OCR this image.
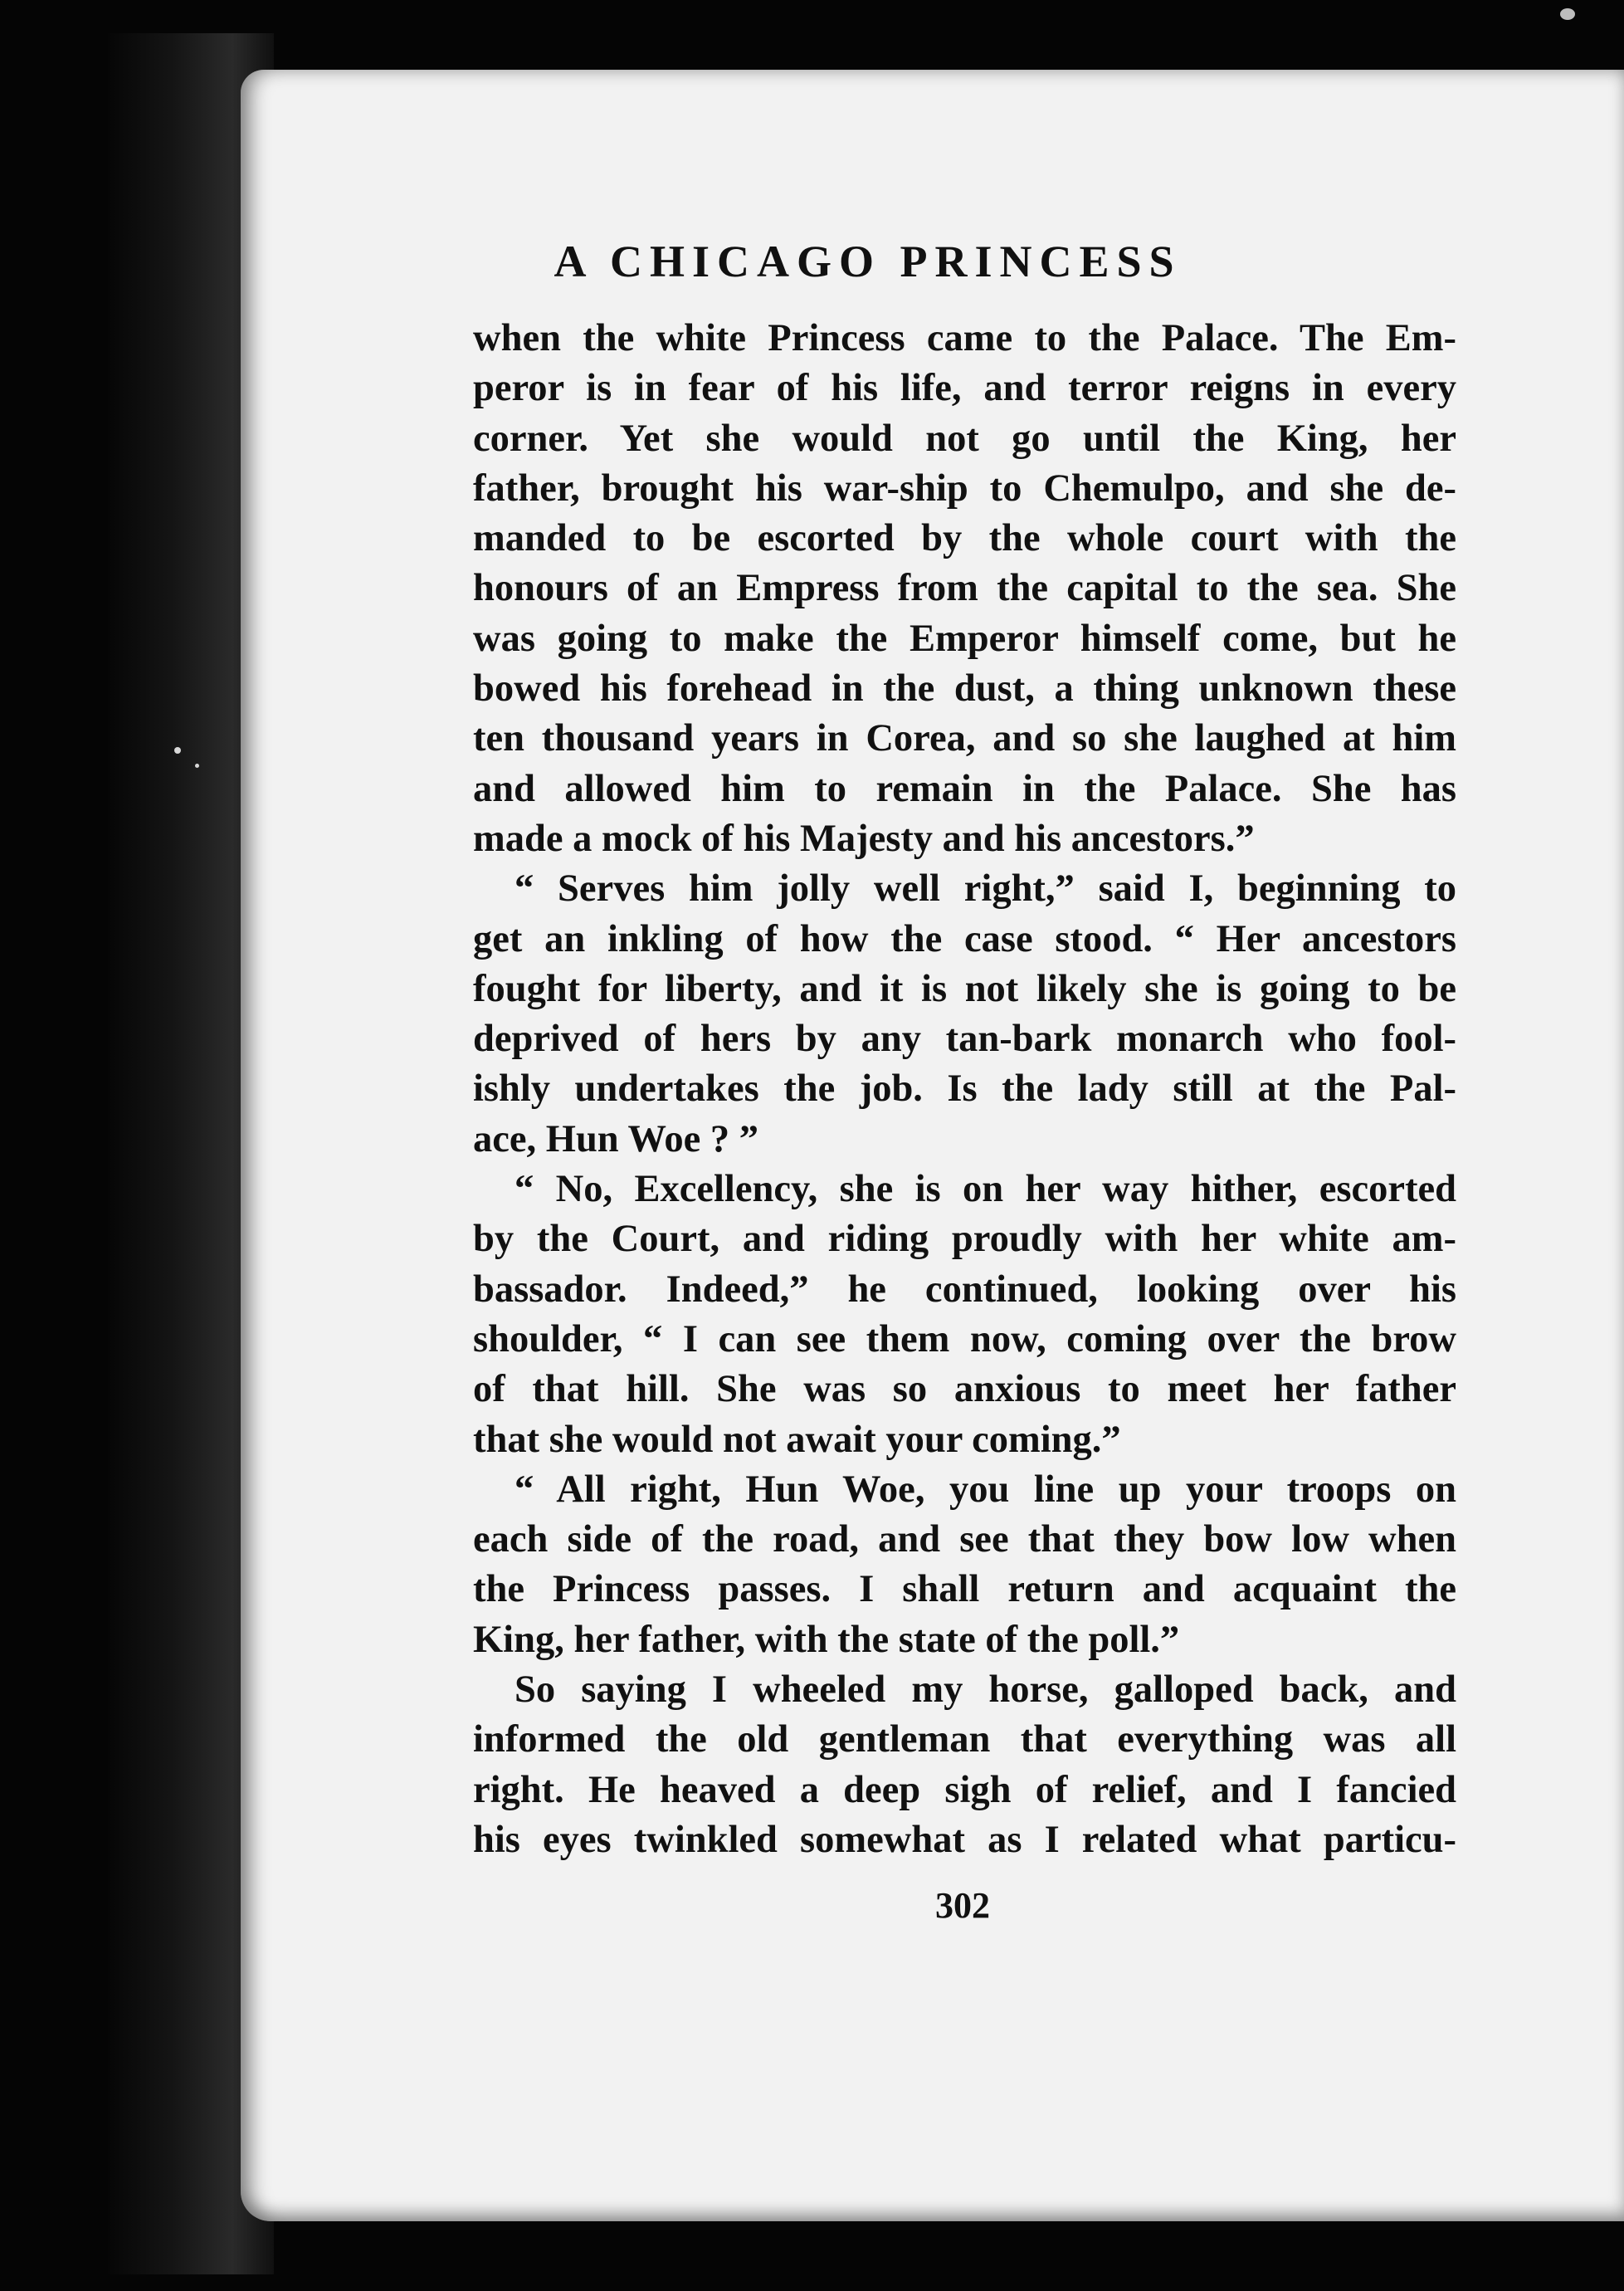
A CHICAGO PRINCESS
when the white Princess came to the Palace. The Em-
peror is in fear of his life, and terror reigns in every
corner. Yet she would not go until the King, her
father, brought his war-ship to Chemulpo, and she de-
manded to be escorted by the whole court with the
honours of an Empress from the capital to the sea. She
was going to make the Emperor himself come, but he
bowed his forehead in the dust, a thing unknown these
ten thousand years in Corea, and so she laughed at him
and allowed him to remain in the Palace. She has
made a mock of his Majesty and his ancestors.”
“ Serves him jolly well right,” said I, beginning to
get an inkling of how the case stood. “ Her ancestors
fought for liberty, and it is not likely she is going to be
deprived of hers by any tan-bark monarch who fool-
ishly undertakes the job. Is the lady still at the Pal-
ace, Hun Woe ? ”
“ No, Excellency, she is on her way hither, escorted
by the Court, and riding proudly with her white am-
bassador. Indeed,” he continued, looking over his
shoulder, “ I can see them now, coming over the brow
of that hill. She was so anxious to meet her father
that she would not await your coming.”
“ All right, Hun Woe, you line up your troops on
each side of the road, and see that they bow low when
the Princess passes. I shall return and acquaint the
King, her father, with the state of the poll.”
So saying I wheeled my horse, galloped back, and
informed the old gentleman that everything was all
right. He heaved a deep sigh of relief, and I fancied
his eyes twinkled somewhat as I related what particu-
302
